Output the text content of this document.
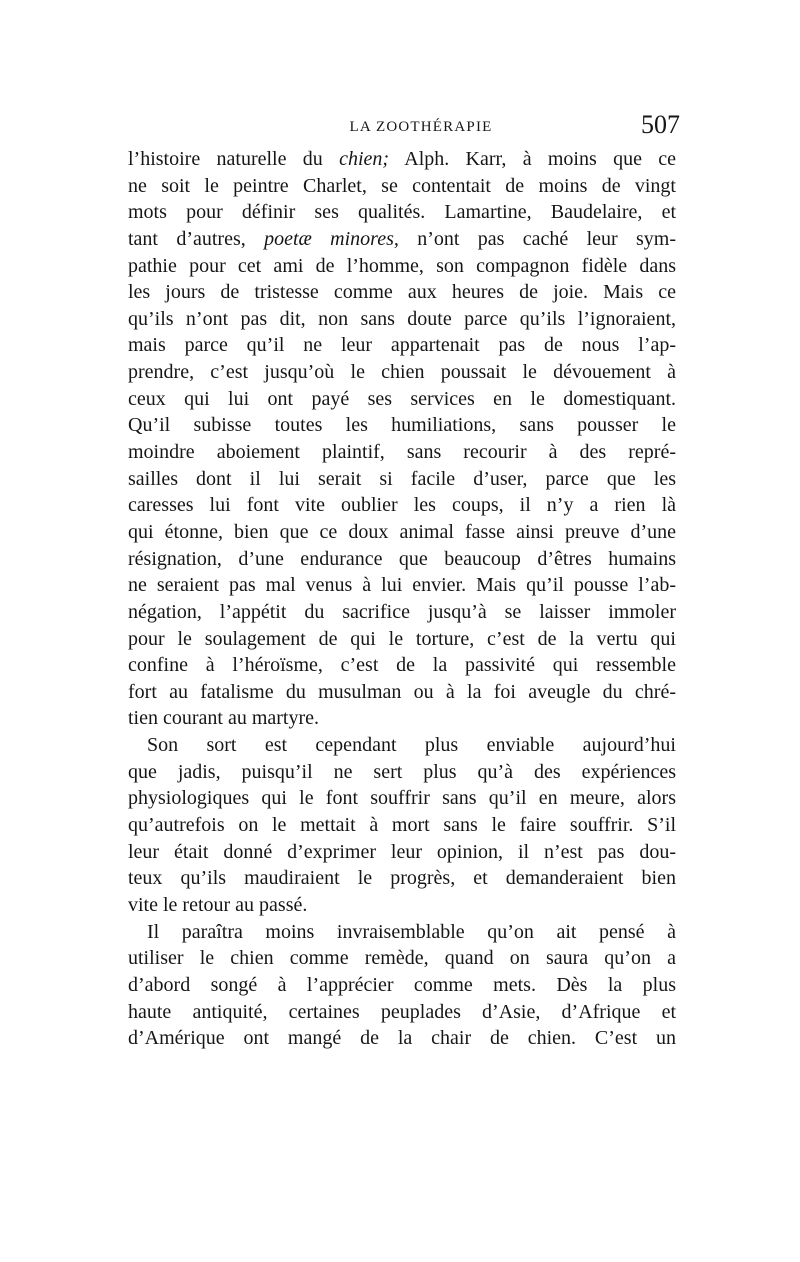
LA ZOOTHÉRAPIE	507
l’histoire naturelle du chien; Alph. Karr, à moins que ce
ne soit le peintre Charlet, se contentait de moins de vingt
mots pour définir ses qualités. Lamartine, Baudelaire, et
tant d’autres, poetæ minores, n’ont pas caché leur sym-
pathie pour cet ami de l’homme, son compagnon fidèle dans
les jours de tristesse comme aux heures de joie. Mais ce
qu’ils n’ont pas dit, non sans doute parce qu’ils l’ignoraient,
mais parce qu’il ne leur appartenait pas de nous l’ap-
prendre, c’est jusqu’où le chien poussait le dévouement à
ceux qui lui ont payé ses services en le domestiquant.
Qu’il subisse toutes les humiliations, sans pousser le
moindre aboiement plaintif, sans recourir à des repré-
sailles dont il lui serait si facile d’user, parce que les
caresses lui font vite oublier les coups, il n’y a rien là
qui étonne, bien que ce doux animal fasse ainsi preuve d’une
résignation, d’une endurance que beaucoup d’êtres humains
ne seraient pas mal venus à lui envier. Mais qu’il pousse l’ab-
négation, l’appétit du sacrifice jusqu’à se laisser immoler
pour le soulagement de qui le torture, c’est de la vertu qui
confine à l’héroïsme, c’est de la passivité qui ressemble
fort au fatalisme du musulman ou à la foi aveugle du chré-
tien courant au martyre.
Son sort est cependant plus enviable aujourd’hui
que jadis, puisqu’il ne sert plus qu’à des expériences
physiologiques qui le font souffrir sans qu’il en meure, alors
qu’autrefois on le mettait à mort sans le faire souffrir. S’il
leur était donné d’exprimer leur opinion, il n’est pas dou-
teux qu’ils maudiraient le progrès, et demanderaient bien
vite le retour au passé.
Il paraîtra moins invraisemblable qu’on ait pensé à
utiliser le chien comme remède, quand on saura qu’on a
d’abord songé à l’apprécier comme mets. Dès la plus
haute antiquité, certaines peuplades d’Asie, d’Afrique et
d’Amérique ont mangé de la chair de chien. C’est un
